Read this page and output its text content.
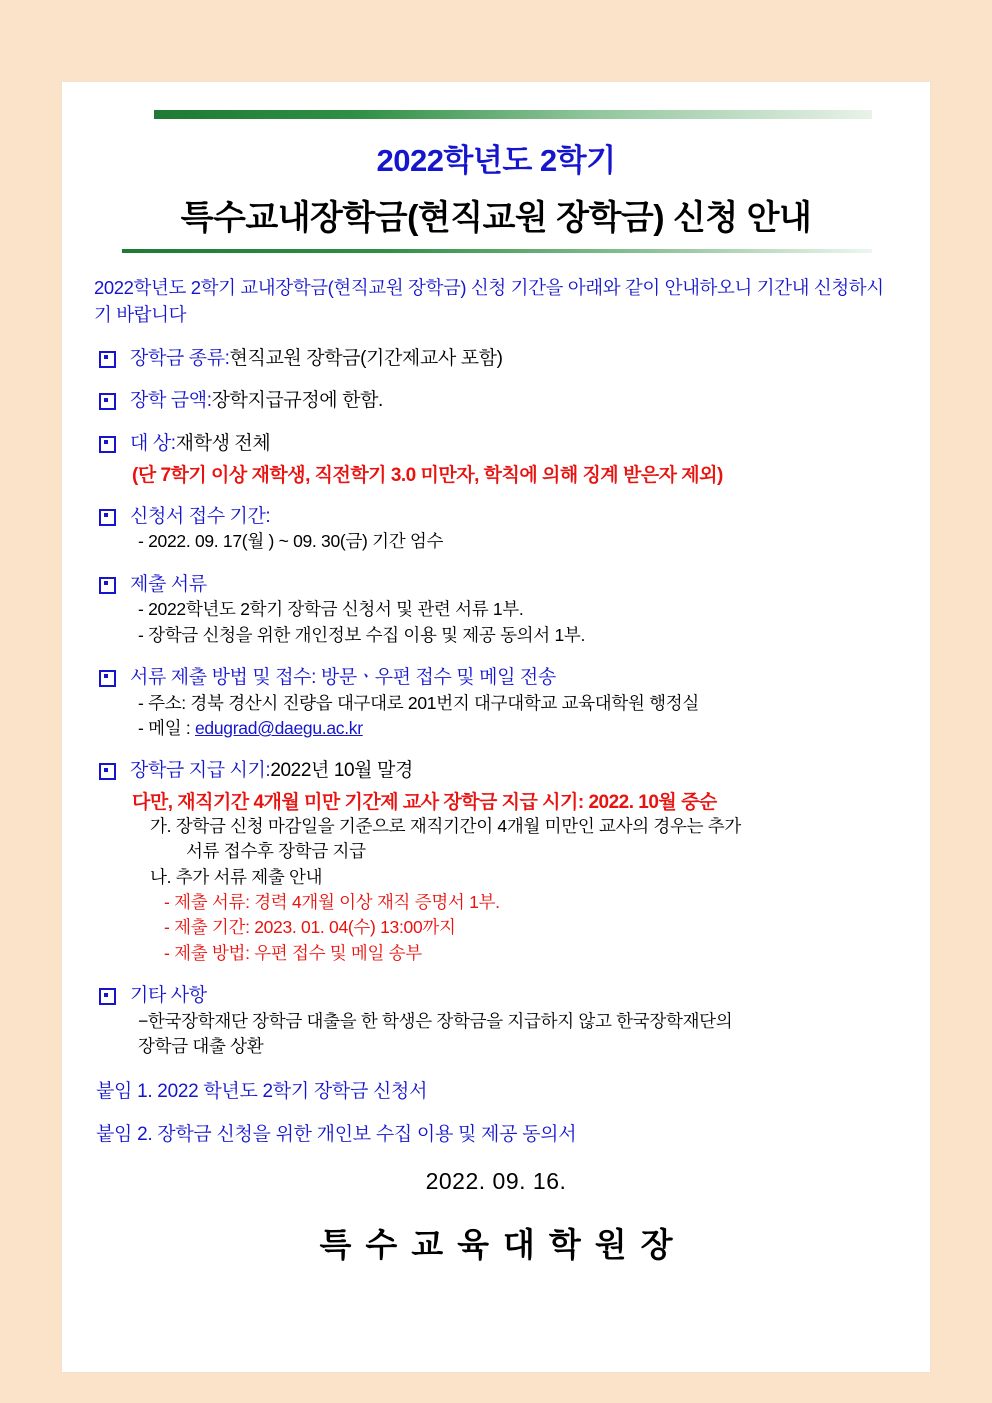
2022학년도 2학기
특수교내장학금(현직교원 장학금) 신청 안내
2022학년도 2학기 교내장학금(현직교원 장학금) 신청 기간을 아래와 같이 안내하오니 기간내 신청하시기 바랍니다
장학금 종류: 현직교원 장학금(기간제교사 포함)
장학 금액: 장학지급규정에 한함.
대 상: 재학생 전체
(단 7학기 이상 재학생, 직전학기 3.0 미만자, 학칙에 의해 징계 받은자 제외)
신청서 접수 기간:
- 2022. 09. 17(월 ) ~ 09. 30(금) 기간 엄수
제출 서류
- 2022학년도 2학기 장학금 신청서 및 관련 서류 1부.
- 장학금 신청을 위한 개인정보 수집 이용 및 제공 동의서 1부.
서류 제출 방법 및 접수: 방문ㆍ우편 접수 및 메일 전송
- 주소: 경북 경산시 진량읍 대구대로 201번지 대구대학교 교육대학원 행정실
- 메일 : edugrad@daegu.ac.kr
장학금 지급 시기: 2022년 10월 말경
다만, 재직기간 4개월 미만 기간제 교사 장학금 지급 시기: 2022. 10월 중순
가. 장학금 신청 마감일을 기준으로 재직기간이 4개월 미만인 교사의 경우는 추가
서류 접수후 장학금 지급
나. 추가 서류 제출 안내
- 제출 서류: 경력 4개월 이상 재직 증명서 1부.
- 제출 기간: 2023. 01. 04(수) 13:00까지
- 제출 방법: 우편 접수 및 메일 송부
기타 사항
−한국장학재단 장학금 대출을 한 학생은 장학금을 지급하지 않고 한국장학재단의
장학금 대출 상환
붙임 1. 2022 학년도 2학기 장학금 신청서
붙임 2. 장학금 신청을 위한 개인보 수집 이용 및 제공 동의서
2022. 09. 16.
특수교육대학원장
